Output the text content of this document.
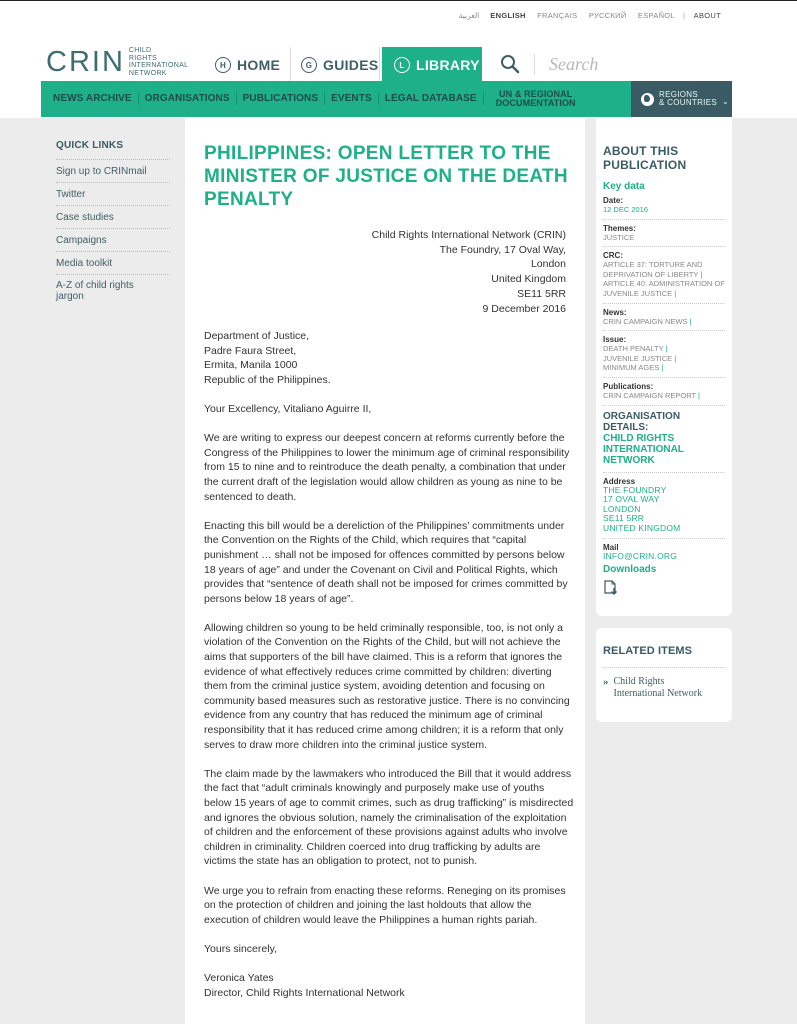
العربية ENGLISH FRANÇAIS РУССКИЙ ESPAÑOL | ABOUT
CRIN CHILD
RIGHTS
INTERNATIONAL
NETWORK
H HOME	G GUIDES	L LIBRARY	Search
NEWS ARCHIVE	ORGANISATIONS	PUBLICATIONS	EVENTS	LEGAL DATABASE	UN & REGIONAL
DOCUMENTATION
REGIONS
& COUNTRIES ⌄
QUICK LINKS
Sign up to CRINmail
Twitter
Case studies
Campaigns
Media toolkit
A-Z of child rights
jargon
PHILIPPINES: OPEN LETTER TO THE MINISTER OF JUSTICE ON THE DEATH PENALTY
Child Rights International Network (CRIN)
The Foundry, 17 Oval Way,
London
United Kingdom
SE11 5RR
9 December 2016

Department of Justice,
Padre Faura Street,
Ermita, Manila 1000
Republic of the Philippines.

Your Excellency, Vitaliano Aguirre II,

We are writing to express our deepest concern at reforms currently before the Congress of the Philippines to lower the minimum age of criminal responsibility from 15 to nine and to reintroduce the death penalty, a combination that under the current draft of the legislation would allow children as young as nine to be sentenced to death.

Enacting this bill would be a dereliction of the Philippines’ commitments under the Convention on the Rights of the Child, which requires that “capital punishment … shall not be imposed for offences committed by persons below 18 years of age” and under the Covenant on Civil and Political Rights, which provides that “sentence of death shall not be imposed for crimes committed by persons below 18 years of age”.

Allowing children so young to be held criminally responsible, too, is not only a violation of the Convention on the Rights of the Child, but will not achieve the aims that supporters of the bill have claimed. This is a reform that ignores the evidence of what effectively reduces crime committed by children: diverting them from the criminal justice system, avoiding detention and focusing on community based measures such as restorative justice. There is no convincing evidence from any country that has reduced the minimum age of criminal responsibility that it has reduced crime among children; it is a reform that only serves to draw more children into the criminal justice system.

The claim made by the lawmakers who introduced the Bill that it would address the fact that “adult criminals knowingly and purposely make use of youths below 15 years of age to commit crimes, such as drug trafficking” is misdirected and ignores the obvious solution, namely the criminalisation of the exploitation of children and the enforcement of these provisions against adults who involve children in criminality. Children coerced into drug trafficking by adults are victims the state has an obligation to protect, not to punish.

We urge you to refrain from enacting these reforms. Reneging on its promises on the protection of children and joining the last holdouts that allow the execution of children would leave the Philippines a human rights pariah.

Yours sincerely,

Veronica Yates
Director, Child Rights International Network

ABOUT THIS
PUBLICATION
Key data
Date:
12 DEC 2016
Themes:
JUSTICE
CRC:
ARTICLE 37: TORTURE AND DEPRIVATION OF LIBERTY |
ARTICLE 40: ADMINISTRATION OF JUVENILE JUSTICE |
News:
CRIN CAMPAIGN NEWS |
Issue:
DEATH PENALTY |
JUVENILE JUSTICE |
MINIMUM AGES |
Publications:
CRIN CAMPAIGN REPORT |
ORGANISATION DETAILS:
CHILD RIGHTS
INTERNATIONAL
NETWORK
Address
THE FOUNDRY
17 OVAL WAY
LONDON
SE11 5RR
UNITED KINGDOM
Mail
INFO@CRIN.ORG
Downloads
RELATED ITEMS
» Child Rights
International Network
